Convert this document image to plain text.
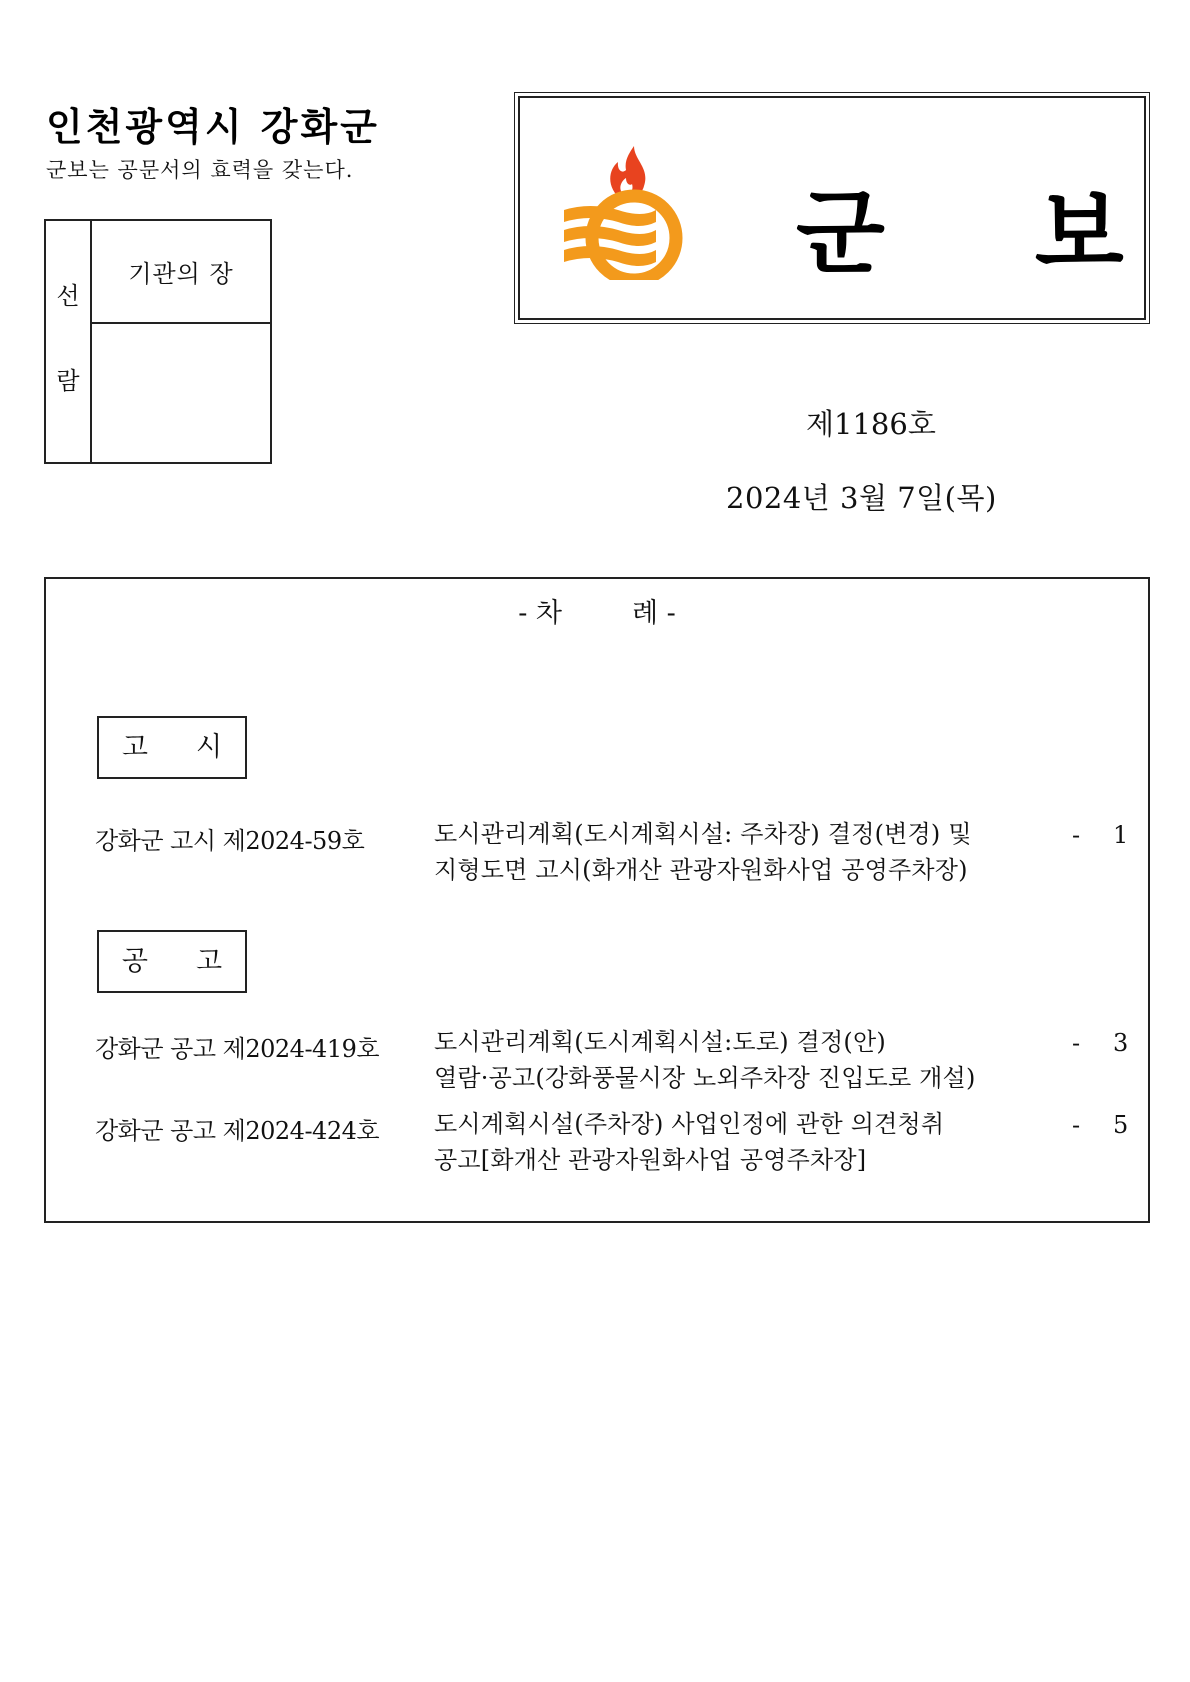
인천광역시 강화군
군보는 공문서의 효력을 갖는다.
선
람
기관의 장	군 보
제1186호
2024년 3월 7일(목)
- 차	례 -
고 시
강화군 고시 제2024-59호	도시관리계획(도시계획시설: 주차장) 결정(변경) 및
지형도면 고시(화개산 관광자원화사업 공영주차장)
- 1
공 고
강화군 공고 제2024-419호 도시관리계획(도시계획시설:도로) 결정(안)
열람·공고(강화풍물시장 노외주차장 진입도로 개설)
- 3
강화군 공고 제2024-424호 도시계획시설(주차장) 사업인정에 관한 의견청취
공고[화개산 관광자원화사업 공영주차장]
- 5
